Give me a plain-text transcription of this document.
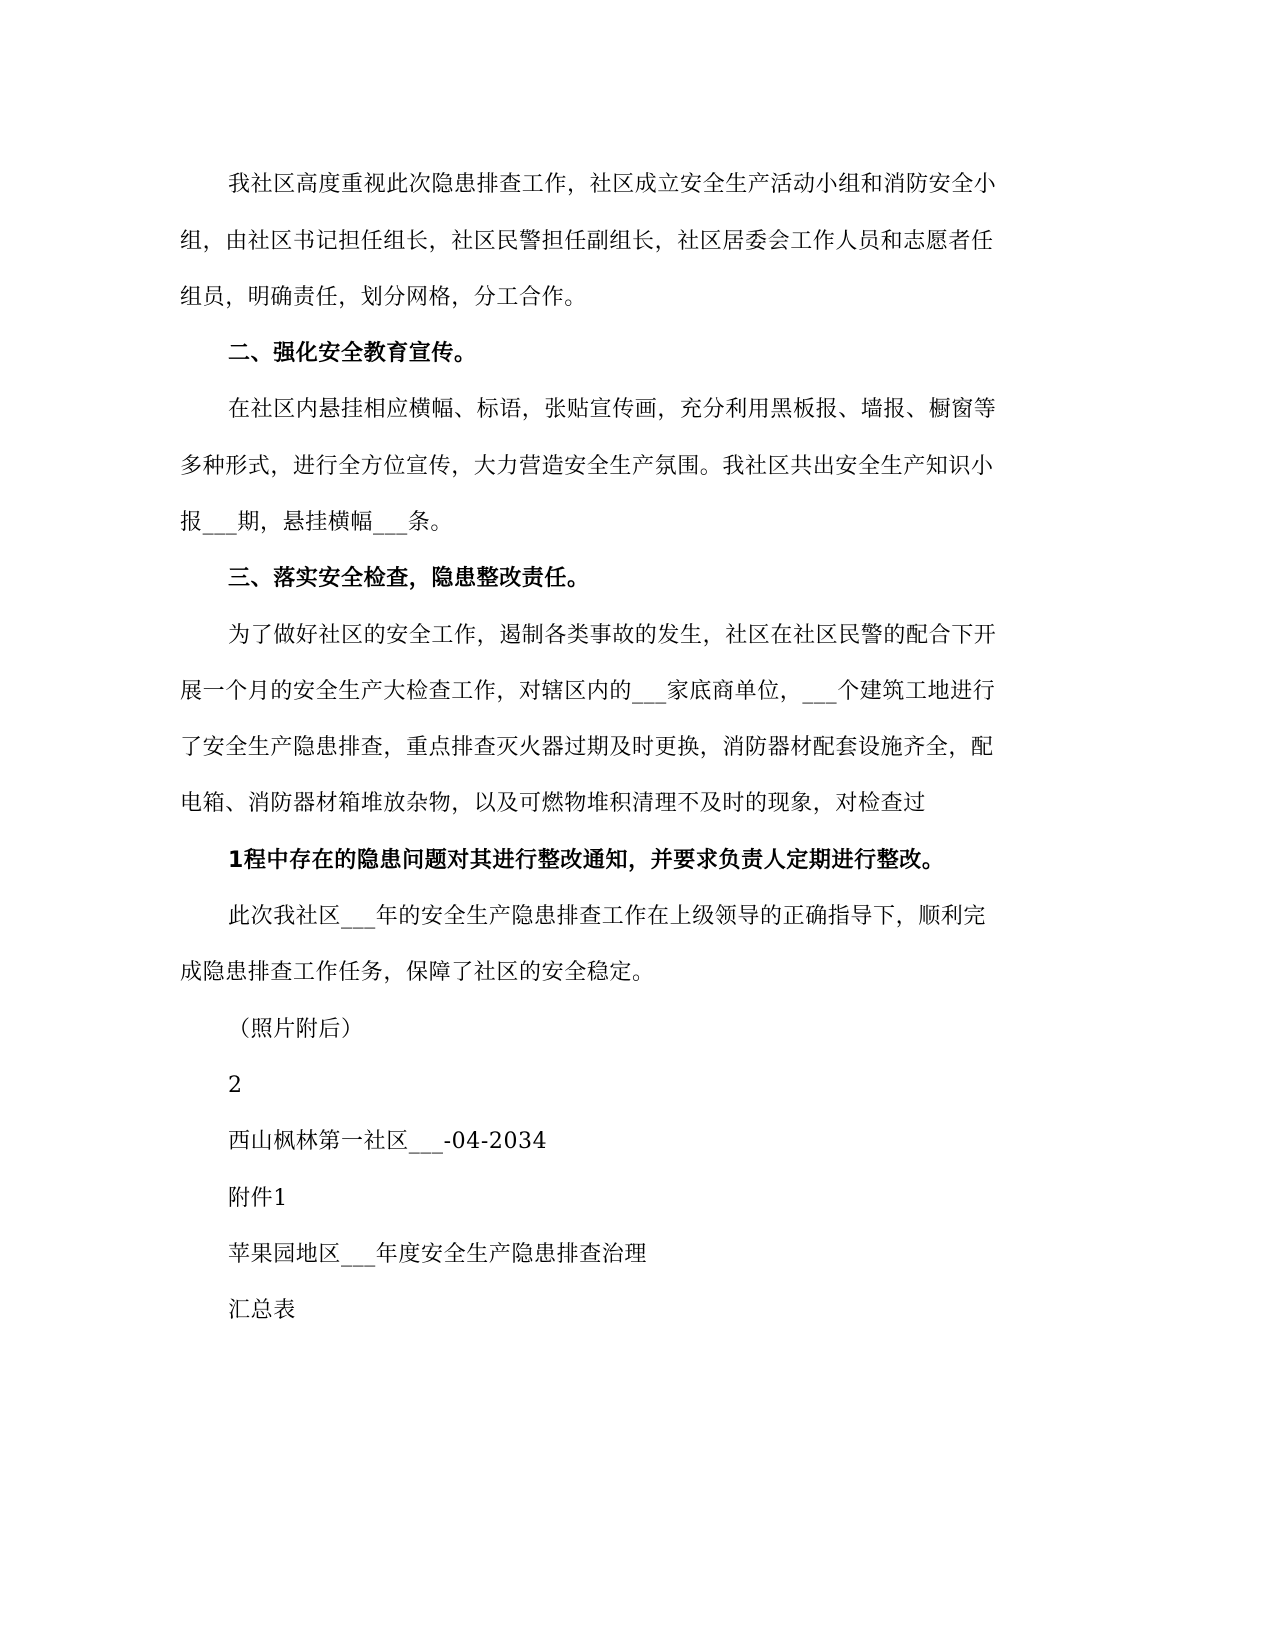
我社区高度重视此次隐患排查工作，社区成立安全生产活动小组和消防安全小
组，由社区书记担任组长，社区民警担任副组长，社区居委会工作人员和志愿者任
组员，明确责任，划分网格，分工合作。
二、强化安全教育宣传。
在社区内悬挂相应横幅、标语，张贴宣传画，充分利用黑板报、墙报、橱窗等
多种形式，进行全方位宣传，大力营造安全生产氛围。我社区共出安全生产知识小
报___期，悬挂横幅___条。
三、落实安全检查，隐患整改责任。
为了做好社区的安全工作，遏制各类事故的发生，社区在社区民警的配合下开
展一个月的安全生产大检查工作，对辖区内的___家底商单位，___个建筑工地进行
了安全生产隐患排查，重点排查灭火器过期及时更换，消防器材配套设施齐全，配
电箱、消防器材箱堆放杂物，以及可燃物堆积清理不及时的现象，对检查过
1程中存在的隐患问题对其进行整改通知，并要求负责人定期进行整改。
此次我社区___年的安全生产隐患排查工作在上级领导的正确指导下，顺利完
成隐患排查工作任务，保障了社区的安全稳定。
（照片附后）
2
西山枫林第一社区___-04-2034
附件1
苹果园地区___年度安全生产隐患排查治理
汇总表
